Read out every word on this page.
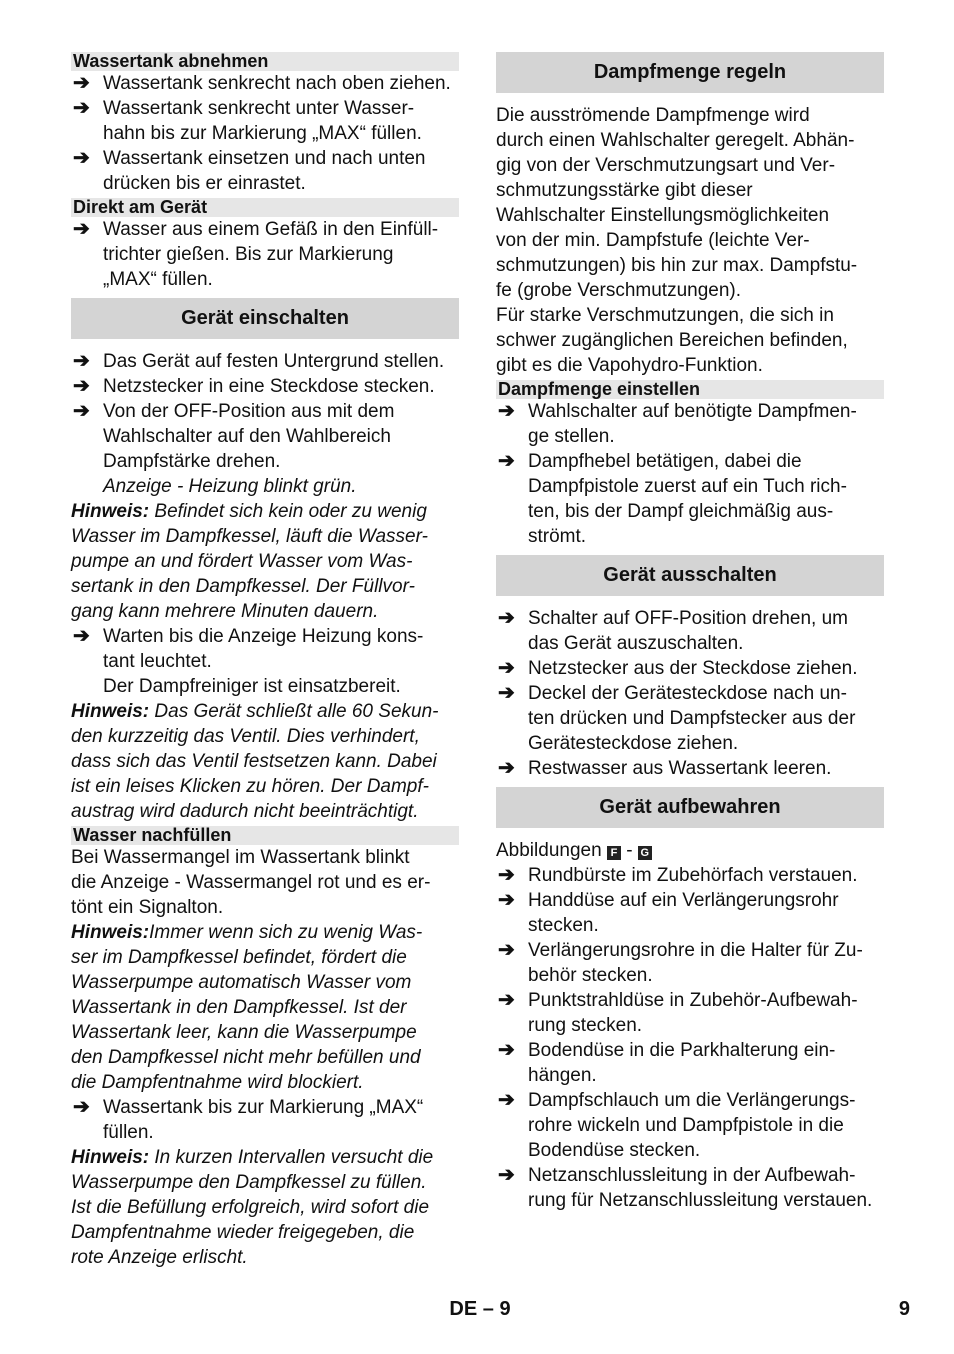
Wassertank abnehmen
➔ Wassertank senkrecht nach oben ziehen.
➔ Wassertank senkrecht unter Wasser-
hahn bis zur Markierung „MAX“ füllen.
➔ Wassertank einsetzen und nach unten
drücken bis er einrastet.
Direkt am Gerät
➔ Wasser aus einem Gefäß in den Einfüll-
trichter gießen. Bis zur Markierung
„MAX“ füllen.
Gerät einschalten
➔ Das Gerät auf festen Untergrund stellen.
➔ Netzstecker in eine Steckdose stecken.
➔ Von der OFF-Position aus mit dem
Wahlschalter auf den Wahlbereich
Dampfstärke drehen.
Anzeige - Heizung blinkt grün.
Hinweis: Befindet sich kein oder zu wenig
Wasser im Dampfkessel, läuft die Wasser-
pumpe an und fördert Wasser vom Was-
sertank in den Dampfkessel. Der Füllvor-
gang kann mehrere Minuten dauern.
➔ Warten bis die Anzeige Heizung kons-
tant leuchtet.
Der Dampfreiniger ist einsatzbereit.
Hinweis: Das Gerät schließt alle 60 Sekun-
den kurzzeitig das Ventil. Dies verhindert,
dass sich das Ventil festsetzen kann. Dabei
ist ein leises Klicken zu hören. Der Dampf-
austrag wird dadurch nicht beeinträchtigt.
Wasser nachfüllen

Bei Wassermangel im Wassertank blinkt
die Anzeige - Wassermangel rot und es er-
tönt ein Signalton.

Hinweis:Immer wenn sich zu wenig Was-
ser im Dampfkessel befindet, fördert die
Wasserpumpe automatisch Wasser vom
Wassertank in den Dampfkessel. Ist der
Wassertank leer, kann die Wasserpumpe
den Dampfkessel nicht mehr befüllen und
die Dampfentnahme wird blockiert.
➔ Wassertank bis zur Markierung „MAX“
füllen.
Hinweis: In kurzen Intervallen versucht die
Wasserpumpe den Dampfkessel zu füllen.
Ist die Befüllung erfolgreich, wird sofort die
Dampfentnahme wieder freigegeben, die
rote Anzeige erlischt.
Dampfmenge regeln

Die ausströmende Dampfmenge wird
durch einen Wahlschalter geregelt. Abhän-
gig von der Verschmutzungsart und Ver-
schmutzungsstärke gibt dieser
Wahlschalter Einstellungsmöglichkeiten
von der min. Dampfstufe (leichte Ver-
schmutzungen) bis hin zur max. Dampfstu-
fe (grobe Verschmutzungen).

Für starke Verschmutzungen, die sich in
schwer zugänglichen Bereichen befinden,
gibt es die Vapohydro-Funktion.

Dampfmenge einstellen
➔ Wahlschalter auf benötigte Dampfmen-
ge stellen.
➔ Dampfhebel betätigen, dabei die
Dampfpistole zuerst auf ein Tuch rich-
ten, bis der Dampf gleichmäßig aus-
strömt.
Gerät ausschalten
➔ Schalter auf OFF-Position drehen, um
das Gerät auszuschalten.
➔ Netzstecker aus der Steckdose ziehen.
➔ Deckel der Gerätesteckdose nach un-
ten drücken und Dampfstecker aus der
Gerätesteckdose ziehen.
➔ Restwasser aus Wassertank leeren.
Gerät aufbewahren
Abbildungen F - G
➔ Rundbürste im Zubehörfach verstauen.
➔ Handdüse auf ein Verlängerungsrohr
stecken.
➔ Verlängerungsrohre in die Halter für Zu-
behör stecken.
➔ Punktstrahldüse in Zubehör-Aufbewah-
rung stecken.
➔ Bodendüse in die Parkhalterung ein-
hängen.
➔ Dampfschlauch um die Verlängerungs-
rohre wickeln und Dampfpistole in die
Bodendüse stecken.
➔ Netzanschlussleitung in der Aufbewah-
rung für Netzanschlussleitung verstauen.
DE – 9	9
